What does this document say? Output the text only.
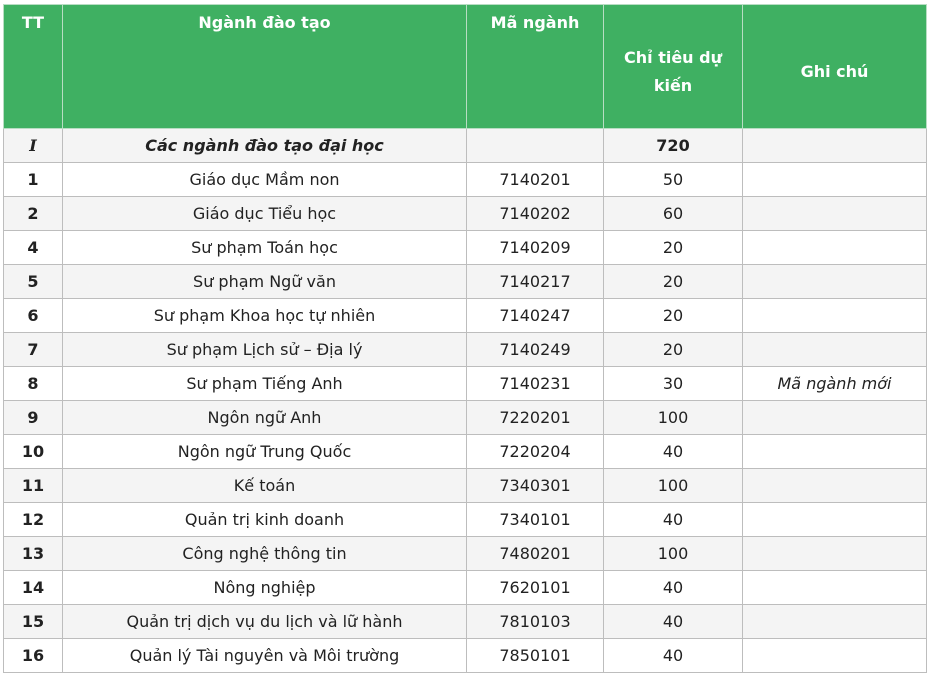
TT	Ngành đào tạo	Mã ngành	Chỉ tiêu dự kiến	Ghi chú
I	Các ngành đào tạo đại học		720	
1	Giáo dục Mầm non	7140201	50	
2	Giáo dục Tiểu học	7140202	60	
4	Sư phạm Toán học	7140209	20	
5	Sư phạm Ngữ văn	7140217	20	
6	Sư phạm Khoa học tự nhiên	7140247	20	
7	Sư phạm Lịch sử – Địa lý	7140249	20	
8	Sư phạm Tiếng Anh	7140231	30	Mã ngành mới
9	Ngôn ngữ Anh	7220201	100	
10	Ngôn ngữ Trung Quốc	7220204	40	
11	Kế toán	7340301	100	
12	Quản trị kinh doanh	7340101	40	
13	Công nghệ thông tin	7480201	100	
14	Nông nghiệp	7620101	40	
15	Quản trị dịch vụ du lịch và lữ hành	7810103	40	
16	Quản lý Tài nguyên và Môi trường	7850101	40	
